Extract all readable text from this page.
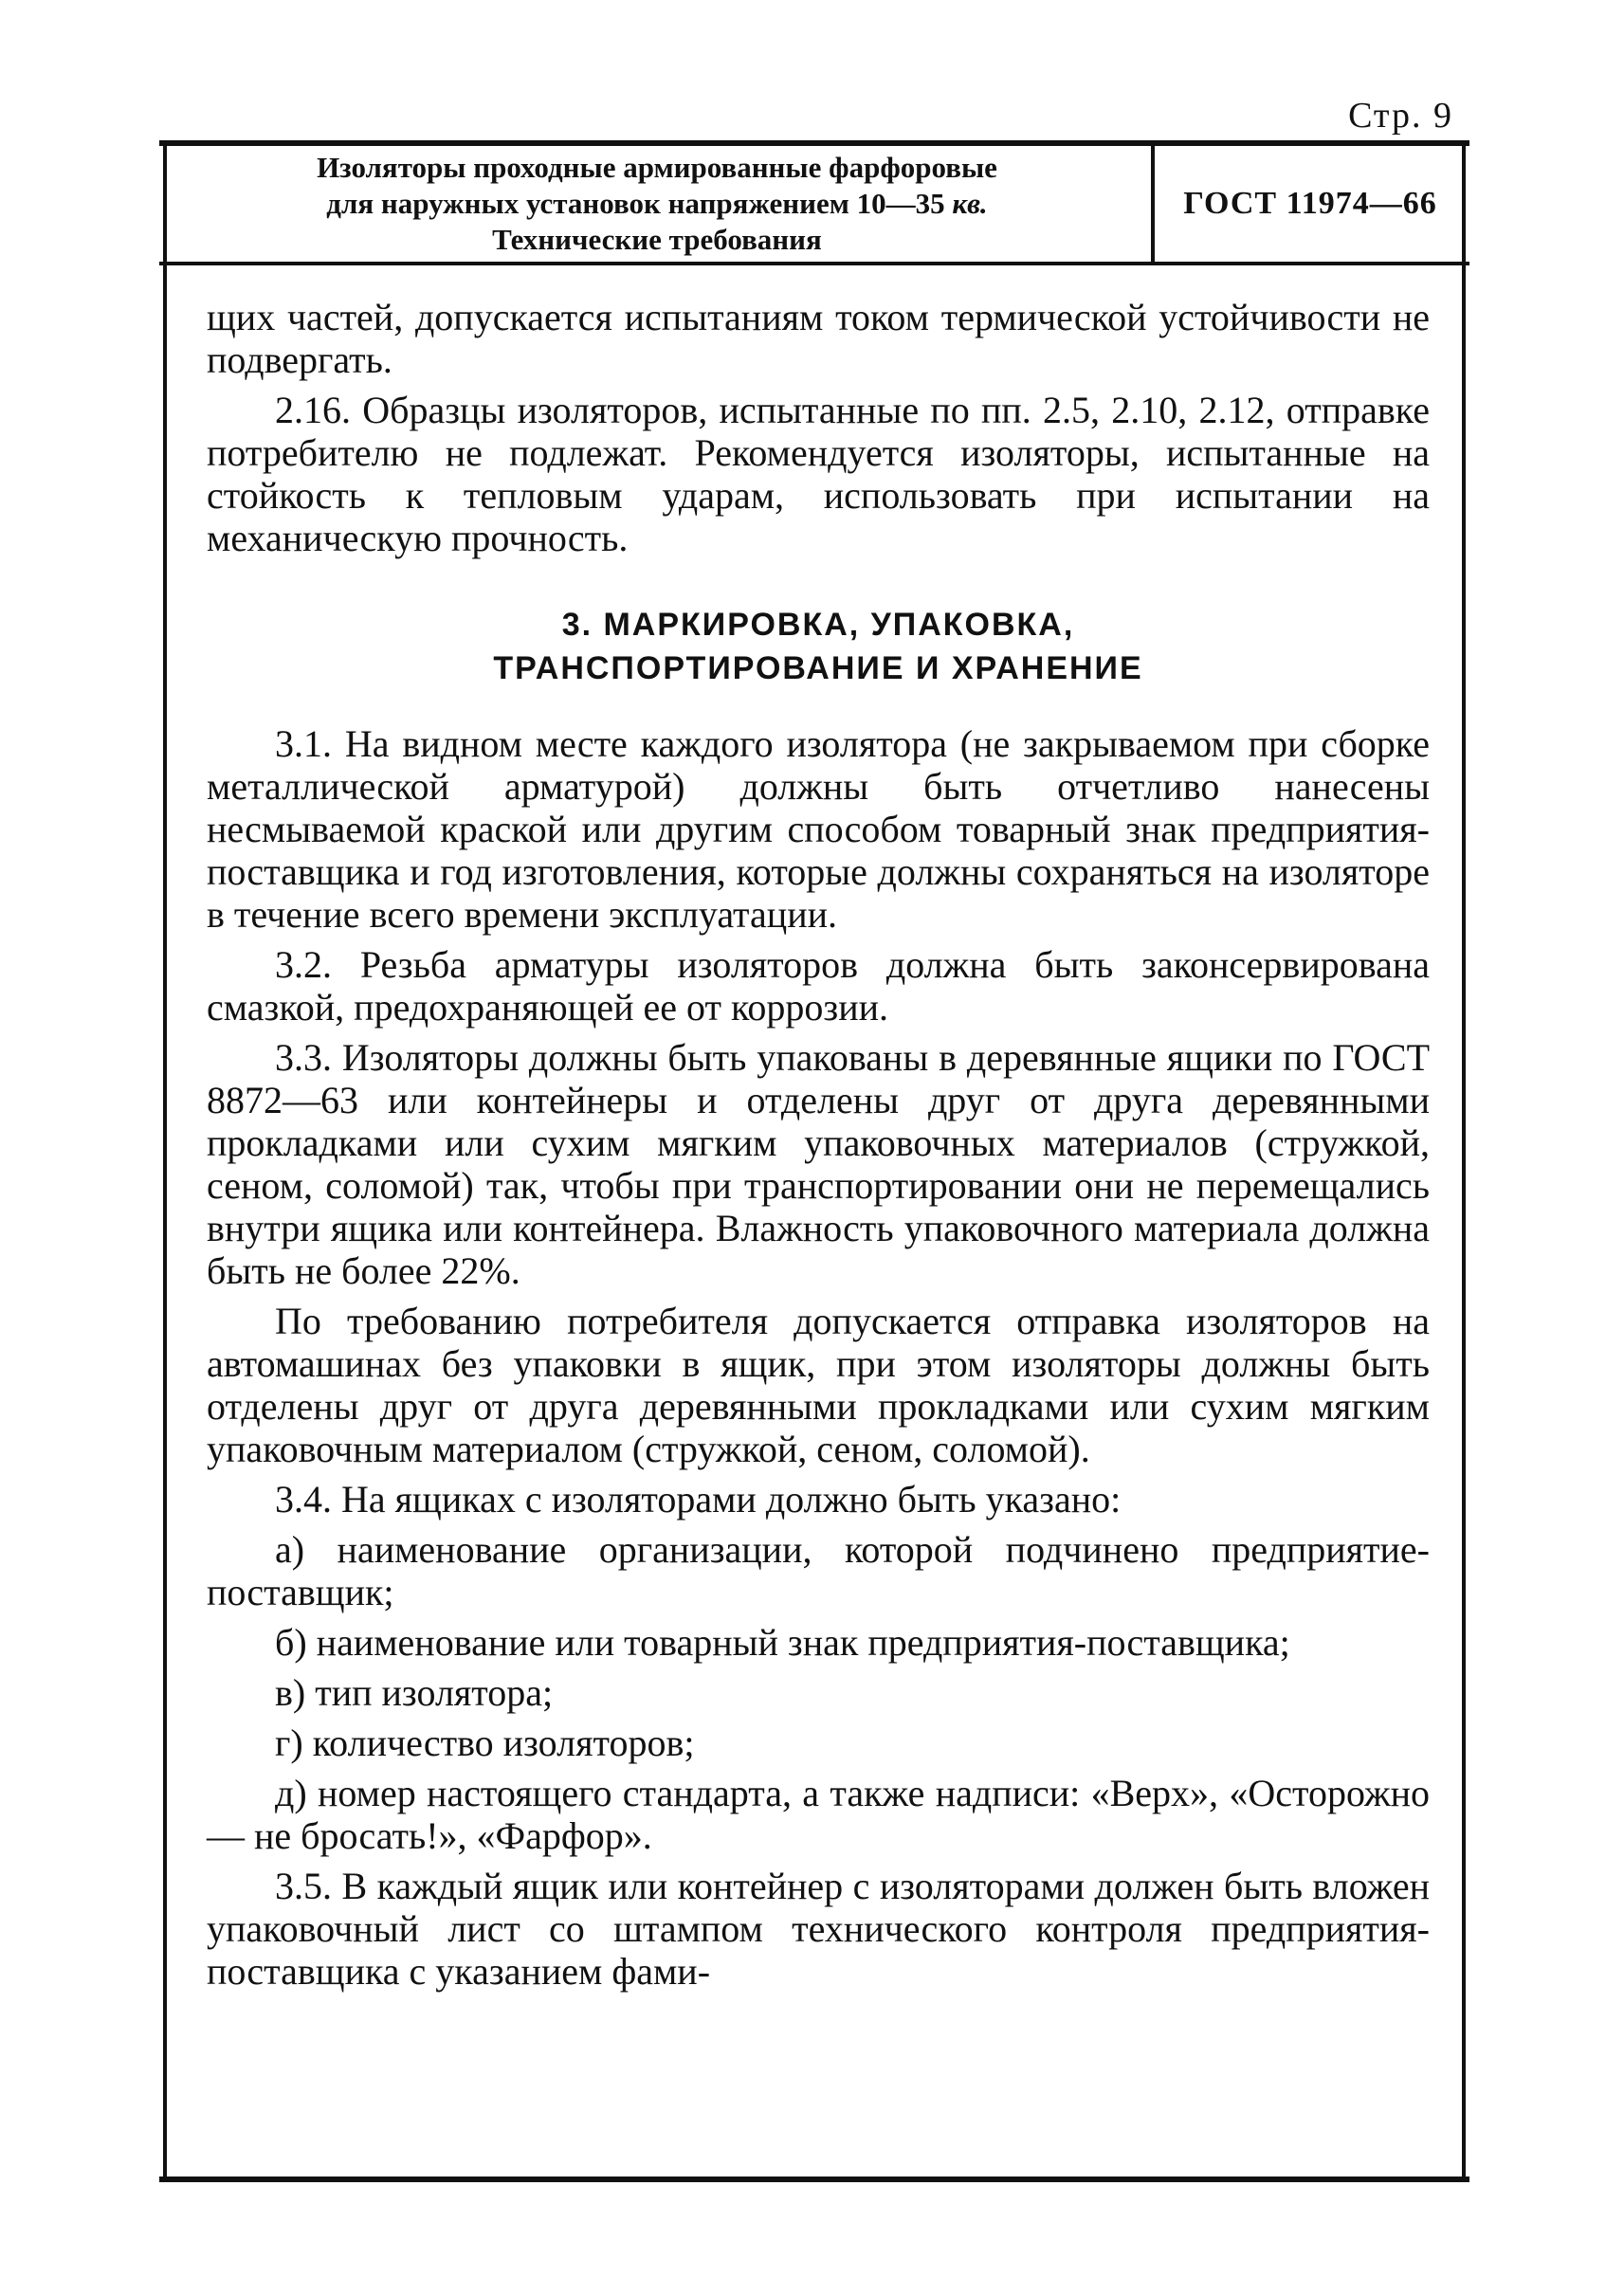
Стр. 9
Изоляторы проходные армированные фарфоровые
для наружных установок напряжением 10—35 кв.
Технические требования
ГОСТ 11974—66

щих частей, допускается испытаниям током термической устойчивости не подвергать.

2.16. Образцы изоляторов, испытанные по пп. 2.5, 2.10, 2.12, отправке потребителю не подлежат. Рекомендуется изоляторы, испытанные на стойкость к тепловым ударам, использовать при испытании на механическую прочность.

3. МАРКИРОВКА, УПАКОВКА,
ТРАНСПОРТИРОВАНИЕ И ХРАНЕНИЕ

3.1. На видном месте каждого изолятора (не закрываемом при сборке металлической арматурой) должны быть отчетливо нанесены несмываемой краской или другим способом товарный знак предприятия-поставщика и год изготовления, которые должны сохраняться на изоляторе в течение всего времени эксплуатации.

3.2. Резьба арматуры изоляторов должна быть законсервирована смазкой, предохраняющей ее от коррозии.

3.3. Изоляторы должны быть упакованы в деревянные ящики по ГОСТ 8872—63 или контейнеры и отделены друг от друга деревянными прокладками или сухим мягким упаковочных материалов (стружкой, сеном, соломой) так, чтобы при транспортировании они не перемещались внутри ящика или контейнера. Влажность упаковочного материала должна быть не более 22%.

По требованию потребителя допускается отправка изоляторов на автомашинах без упаковки в ящик, при этом изоляторы должны быть отделены друг от друга деревянными прокладками или сухим мягким упаковочным материалом (стружкой, сеном, соломой).

3.4. На ящиках с изоляторами должно быть указано:

а) наименование организации, которой подчинено предприятие-поставщик;

б) наименование или товарный знак предприятия-поставщика;

в) тип изолятора;

г) количество изоляторов;

д) номер настоящего стандарта, а также надписи: «Верх», «Осторожно — не бросать!», «Фарфор».

3.5. В каждый ящик или контейнер с изоляторами должен быть вложен упаковочный лист со штампом технического контроля предприятия-поставщика с указанием фами-
